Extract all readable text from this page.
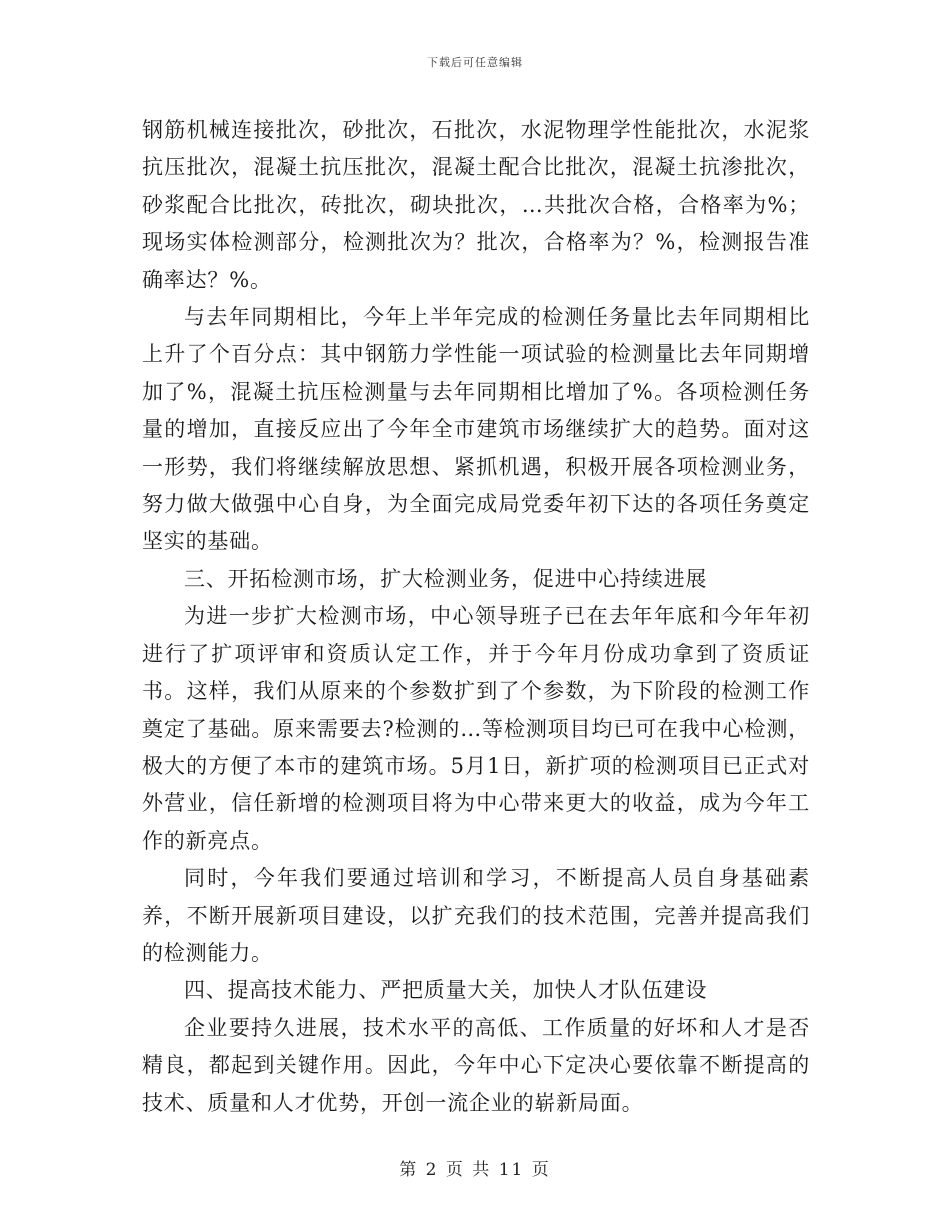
下载后可任意编辑

钢筋机械连接批次，砂批次，石批次，水泥物理学性能批次，水泥浆抗压批次，混凝土抗压批次，混凝土配合比批次，混凝土抗渗批次，砂浆配合比批次，砖批次，砌块批次，…共批次合格，合格率为%；现场实体检测部分，检测批次为？批次，合格率为？%，检测报告准确率达？%。

与去年同期相比，今年上半年完成的检测任务量比去年同期相比上升了个百分点：其中钢筋力学性能一项试验的检测量比去年同期增加了%，混凝土抗压检测量与去年同期相比增加了%。各项检测任务量的增加，直接反应出了今年全市建筑市场继续扩大的趋势。面对这一形势，我们将继续解放思想、紧抓机遇，积极开展各项检测业务，努力做大做强中心自身，为全面完成局党委年初下达的各项任务奠定坚实的基础。

三、开拓检测市场，扩大检测业务，促进中心持续进展

为进一步扩大检测市场，中心领导班子已在去年年底和今年年初进行了扩项评审和资质认定工作，并于今年月份成功拿到了资质证书。这样，我们从原来的个参数扩到了个参数，为下阶段的检测工作奠定了基础。原来需要去?检测的…等检测项目均已可在我中心检测，极大的方便了本市的建筑市场。5月1日，新扩项的检测项目已正式对外营业，信任新增的检测项目将为中心带来更大的收益，成为今年工作的新亮点。

同时，今年我们要通过培训和学习，不断提高人员自身基础素养，不断开展新项目建设，以扩充我们的技术范围，完善并提高我们的检测能力。

四、提高技术能力、严把质量大关，加快人才队伍建设

企业要持久进展，技术水平的高低、工作质量的好坏和人才是否精良，都起到关键作用。因此，今年中心下定决心要依靠不断提高的技术、质量和人才优势，开创一流企业的崭新局面。

第 2 页 共 11 页
